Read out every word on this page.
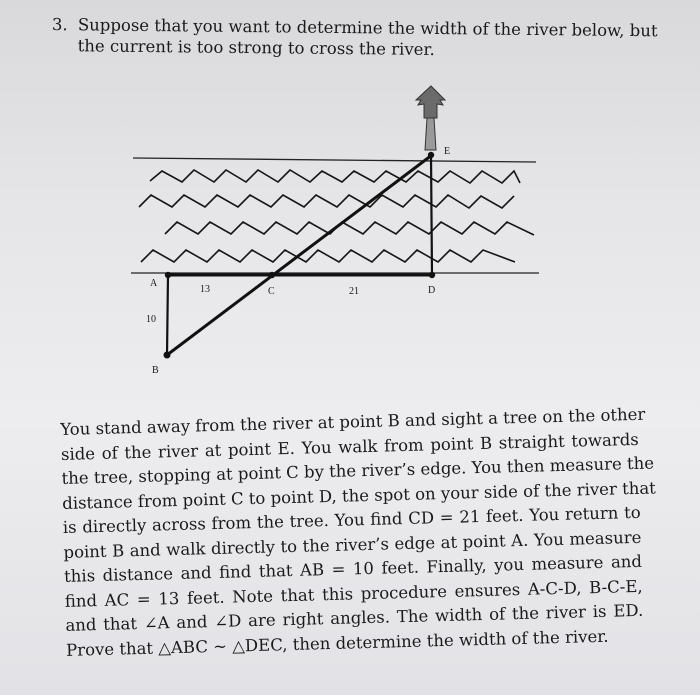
3. Suppose that you want to determine the width of the river below, but
the current is too strong to cross the river.
E
A
13	C	21	D
10
B
You stand away from the river at point B and sight a tree on the other
side of the river at point E. You walk from point B straight towards
the tree, stopping at point C by the river’s edge. You then measure the
distance from point C to point D, the spot on your side of the river that
is directly across from the tree. You find CD = 21 feet. You return to
point B and walk directly to the river’s edge at point A. You measure
this distance and find that AB = 10 feet. Finally, you measure and
find AC = 13 feet. Note that this procedure ensures A-C-D, B-C-E,
and that ∠A and ∠D are right angles. The width of the river is ED.
Prove that △ABC ~ △DEC, then determine the width of the river.
